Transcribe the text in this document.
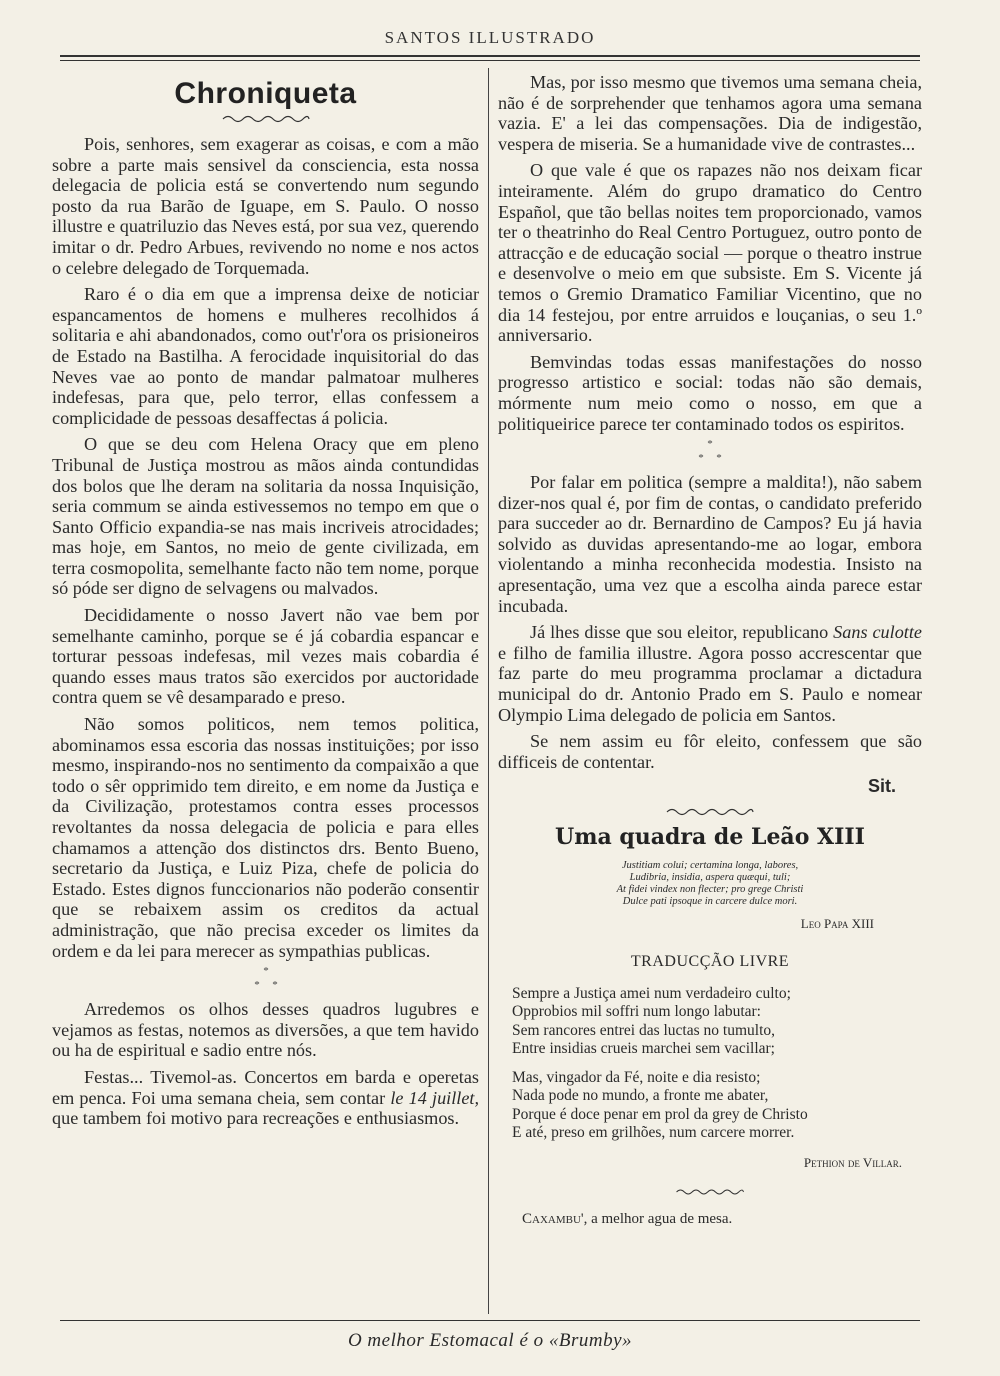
SANTOS ILLUSTRADO
Chroniqueta

Pois, senhores, sem exagerar as coisas, e com a mão sobre a parte mais sensivel da consciencia, esta nossa delegacia de policia está se convertendo num segundo posto da rua Barão de Iguape, em S. Paulo. O nosso illustre e quatriluzio das Neves está, por sua vez, querendo imitar o dr. Pedro Arbues, revivendo no nome e nos actos o celebre delegado de Torquemada.

Raro é o dia em que a imprensa deixe de noticiar espancamentos de homens e mulheres recolhidos á solitaria e ahi abandonados, como out'r'ora os prisioneiros de Estado na Bastilha. A ferocidade inquisitorial do das Neves vae ao ponto de mandar palmatoar mulheres indefesas, para que, pelo terror, ellas confessem a complicidade de pessoas desaffectas á policia.

O que se deu com Helena Oracy que em pleno Tribunal de Justiça mostrou as mãos ainda contundidas dos bolos que lhe deram na solitaria da nossa Inquisição, seria commum se ainda estivessemos no tempo em que o Santo Officio expandia-se nas mais incriveis atrocidades; mas hoje, em Santos, no meio de gente civilizada, em terra cosmopolita, semelhante facto não tem nome, porque só póde ser digno de selvagens ou malvados.

Decididamente o nosso Javert não vae bem por semelhante caminho, porque se é já cobardia espancar e torturar pessoas indefesas, mil vezes mais cobardia é quando esses maus tratos são exercidos por auctoridade contra quem se vê desamparado e preso.

Não somos politicos, nem temos politica, abominamos essa escoria das nossas instituições; por isso mesmo, inspirando-nos no sentimento da compaixão a que todo o sêr opprimido tem direito, e em nome da Justiça e da Civilização, protestamos contra esses processos revoltantes da nossa delegacia de policia e para elles chamamos a attenção dos distinctos drs. Bento Bueno, secretario da Justiça, e Luiz Piza, chefe de policia do Estado. Estes dignos funccionarios não poderão consentir que se rebaixem assim os creditos da actual administração, que não precisa exceder os limites da ordem e da lei para merecer as sympathias publicas.

*
* *

Arredemos os olhos desses quadros lugubres e vejamos as festas, notemos as diversões, a que tem havido ou ha de espiritual e sadio entre nós.

Festas... Tivemol-as. Concertos em barda e operetas em penca. Foi uma semana cheia, sem contar le 14 juillet, que tambem foi motivo para recreações e enthusiasmos.

Mas, por isso mesmo que tivemos uma semana cheia, não é de sorprehender que tenhamos agora uma semana vazia. E' a lei das compensações. Dia de indigestão, vespera de miseria. Se a humanidade vive de contrastes...

O que vale é que os rapazes não nos deixam ficar inteiramente. Além do grupo dramatico do Centro Español, que tão bellas noites tem proporcionado, vamos ter o theatrinho do Real Centro Portuguez, outro ponto de attracção e de educação social — porque o theatro instrue e desenvolve o meio em que subsiste. Em S. Vicente já temos o Gremio Dramatico Familiar Vicentino, que no dia 14 festejou, por entre arruidos e louçanias, o seu 1.º anniversario.

Bemvindas todas essas manifestações do nosso progresso artistico e social: todas não são demais, mórmente num meio como o nosso, em que a politiqueirice parece ter contaminado todos os espiritos.

*
* *

Por falar em politica (sempre a maldita!), não sabem dizer-nos qual é, por fim de contas, o candidato preferido para succeder ao dr. Bernardino de Campos? Eu já havia solvido as duvidas apresentando-me ao logar, embora violentando a minha reconhecida modestia. Insisto na apresentação, uma vez que a escolha ainda parece estar incubada.

Já lhes disse que sou eleitor, republicano Sans culotte e filho de familia illustre. Agora posso accrescentar que faz parte do meu programma proclamar a dictadura municipal do dr. Antonio Prado em S. Paulo e nomear Olympio Lima delegado de policia em Santos.

Se nem assim eu fôr eleito, confessem que são difficeis de contentar.

Sit.
Uma quadra de Leão XIII
Justitiam colui; certamina longa, labores,
Ludibria, insidia, aspera quæqui, tuli;
At fidei vindex non flecter; pro grege Christi
Dulce pati ipsoque in carcere dulce mori.

Leo Papa XIII

TRADUCÇÃO LIVRE
Sempre a Justiça amei num verdadeiro culto;
Opprobios mil soffri num longo labutar:
Sem rancores entrei das luctas no tumulto,
Entre insidias crueis marchei sem vacillar;
Mas, vingador da Fé, noite e dia resisto;
Nada pode no mundo, a fronte me abater,
Porque é doce penar em prol da grey de Christo
E até, preso em grilhões, num carcere morrer.

Pethion de Villar.

Caxambu', a melhor agua de mesa.
O melhor Estomacal é o «Brumby»
